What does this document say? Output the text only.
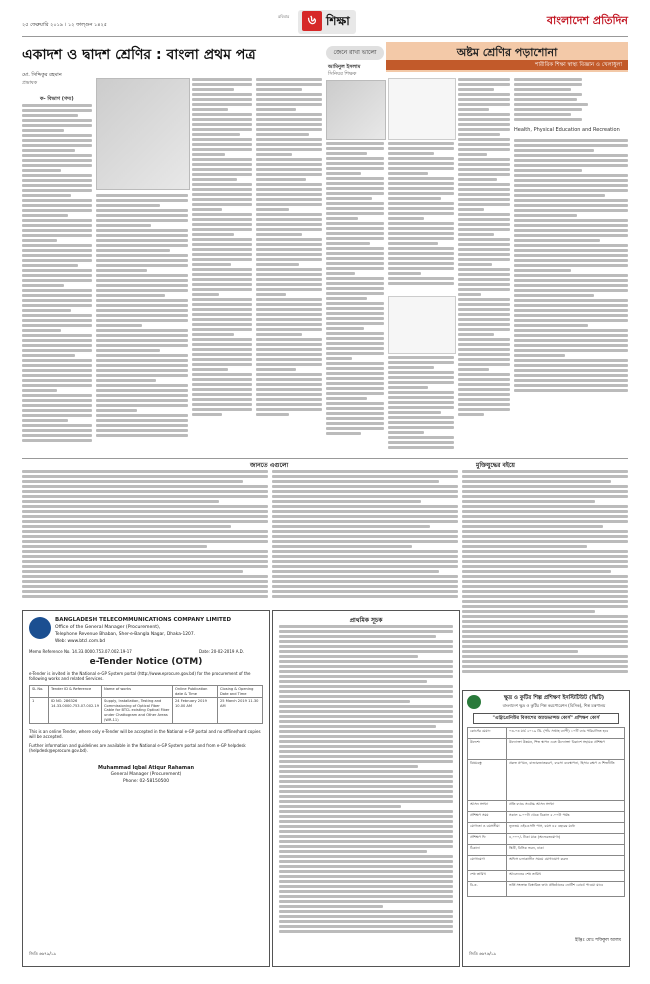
২৫ ফেব্রুয়ারি ২০১৯ । ১২ ফাল্গুন ১৪২৫
রবিবার	৬ শিক্ষা	বাংলাদেশ প্রতিদিন
একাদশ ও দ্বাদশ শ্রেণির : বাংলা প্রথম পত্র
মো. সিদ্দিকুর রহমান
প্রভাষক
ক- বিভাগ (গদ্য)
জেনে রাখা ভালো
আমিনুল ইসলাম
সিনিয়র শিক্ষক
অষ্টম শ্রেণির পড়াশোনা
শারীরিক শিক্ষা স্বাস্থ্য বিজ্ঞান ও খেলাধুলা
Health, Physical Education and Recreation
জানতে এগুলো	মুক্তিযুদ্ধের বইয়ে
BANGLADESH TELECOMMUNICATIONS COMPANY LIMITED
Office of the General Manager (Procurement),
Telephone Revenue Bhaban, Sher-e-Bangla Nagar, Dhaka-1207.
Web: www.btcl.com.bd
Memo Reference No. 14.33.0000.753.07.002.19-17	Date: 20-02-2019 A.D.
e-Tender Notice (OTM)
e-Tender is invited in the National e-GP System portal (http://www.eprocure.gov.bd) for the procurement of the following works and related Services.
SL No.	Tender ID & Reference	Name of works	Online Publication date & Time	Closing & Opening Date and Time
1	ID NO. 286326
14.33.0000.753.07.002.19	Supply, Installation, Testing and Commissioning of Optical Fiber Cable for BTCL existing Optical Fiber under Chattogram and Other Areas (WR-11)	24 February 2019 10.00 AM	25 March 2019 11.30 AM
This is an online Tender, where only e-Tender will be accepted in the National e-GP portal and no offline/hard copies will be accepted.
Further information and guidelines are available in the National e-GP System portal and from e-GP helpdesk (helpdesk@eprocure.gov.bd).
Muhammad Iqbal Atiqur Rahaman
General Manager (Procurement)
Phone: 02-58150500
জিডি ৬৬৭৯/১৯
প্রাথমিক সূচক
ক্ষুদ্র ও কুটির শিল্প প্রশিক্ষণ ইনস্টিটিউট (স্কিটি)
বাংলাদেশ ক্ষুদ্র ও কুটির শিল্প করপোরেশন (বিসিক), শিল্প মন্ত্রণালয়
"এন্ট্রাপ্রেনিউর বিকাশের অ্যাডভান্সড কোর্স" প্রশিক্ষণ কোর্স
কোর্সের মেয়াদ	০৩-০৩ মার্চ ২০১৯ খ্রি. (পাঁচ সপ্তাহ ব্যাপী) ১০টি ব্যাচ পরিচালিত হবে
উদ্দেশ্য	উদ্যোক্তা উন্নয়ন, শিল্প স্থাপন এবং উদ্যোক্তা বিকাশে সহায়ক প্রশিক্ষণ
বিষয়বস্তু	প্রকল্প প্রণয়ন, বাজারজাতকরণ, ব্যবসা ব্যবস্থাপনা, হিসাব রক্ষণ ও শিল্পনীতি
আসন সংখ্যা	প্রতি ব্যাচে সর্বোচ্চ আসন সংখ্যা
প্রশিক্ষণ সময়	সকাল ৯.০০টা থেকে বিকাল ৫.০০টা পর্যন্ত
যোগ্যতা ও বয়সসীমা	ন্যূনতম এইচএসসি পাস, বয়স ৪৫ বছরের মধ্যে
প্রশিক্ষণ ফি	৪,০০০/- টাকা মাত্র (অফেরতযোগ্য)
ঠিকানা	স্কিটি, বিসিক ভবন, ঢাকা
যোগাযোগ	অফিস চলাকালীন সময়ে যোগাযোগ করুন
শেষ তারিখ	আবেদনের শেষ তারিখ
বি.দ্র.	ভর্তি সংক্রান্ত বিস্তারিত তথ্য প্রতিষ্ঠানের নোটিশ বোর্ডে পাওয়া যাবে
ইঞ্জিঃ মোঃ শফিকুল আলম
জিডি ৬৬৭৬/১৯
